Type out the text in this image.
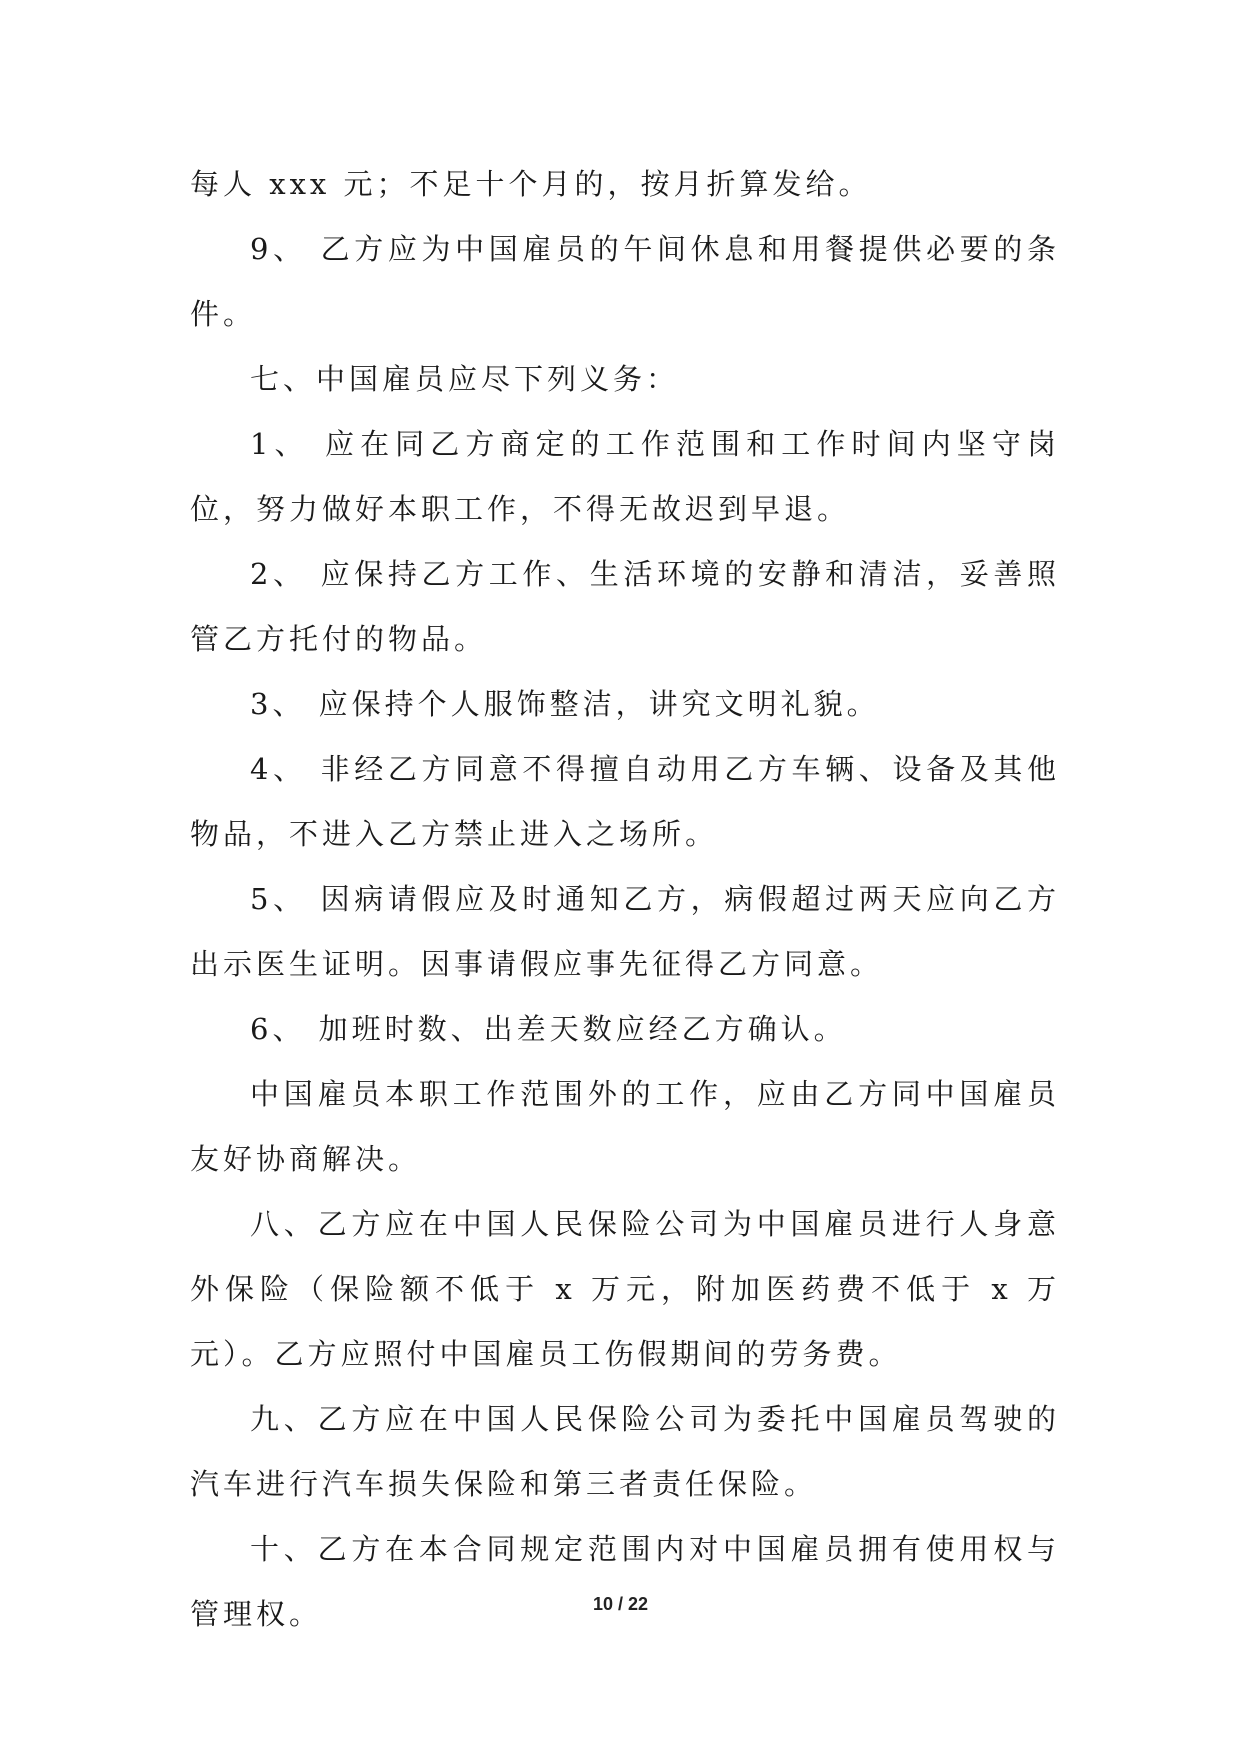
每人 xxx 元；不足十个月的，按月折算发给。

9、 乙方应为中国雇员的午间休息和用餐提供必要的条件。

七、中国雇员应尽下列义务：

1、 应在同乙方商定的工作范围和工作时间内坚守岗位，努力做好本职工作，不得无故迟到早退。

2、 应保持乙方工作、生活环境的安静和清洁，妥善照管乙方托付的物品。

3、 应保持个人服饰整洁，讲究文明礼貌。

4、 非经乙方同意不得擅自动用乙方车辆、设备及其他物品，不进入乙方禁止进入之场所。

5、 因病请假应及时通知乙方，病假超过两天应向乙方出示医生证明。因事请假应事先征得乙方同意。

6、 加班时数、出差天数应经乙方确认。

中国雇员本职工作范围外的工作，应由乙方同中国雇员友好协商解决。

八、乙方应在中国人民保险公司为中国雇员进行人身意外保险（保险额不低于 x 万元，附加医药费不低于 x 万元）。乙方应照付中国雇员工伤假期间的劳务费。

九、乙方应在中国人民保险公司为委托中国雇员驾驶的汽车进行汽车损失保险和第三者责任保险。

十、乙方在本合同规定范围内对中国雇员拥有使用权与管理权。	10 / 22
